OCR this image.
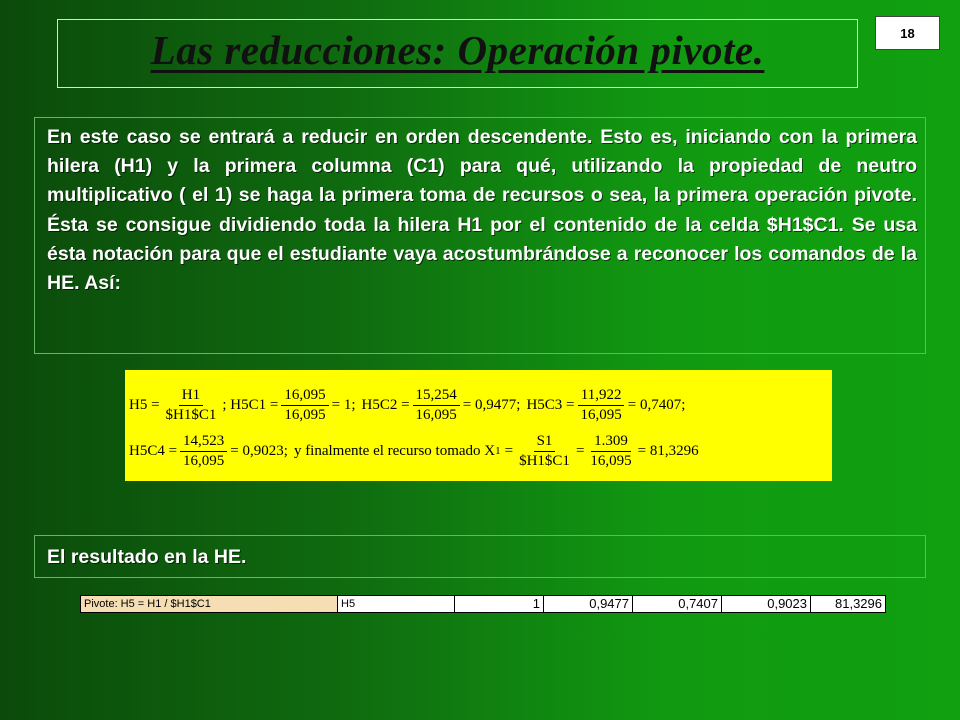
Las reducciones: Operación pivote.	18

En este caso se entrará a reducir en orden descendente. Esto es, iniciando con la primera hilera (H1) y la primera columna (C1) para qué, utilizando la propiedad de neutro multiplicativo ( el 1) se haga la primera toma de recursos o sea, la primera operación pivote. Ésta se consigue dividiendo toda la hilera H1 por el contenido de la celda $H1$C1. Se usa ésta notación para que el estudiante vaya acostumbrándose a reconocer los comandos de la HE. Así:

$H5 = \frac{H1}{\$H1\$C1}$ ; $H5C1 = \frac{16,095}{16,095} = 1$; $H5C2 = \frac{15,254}{16,095} = 0,9477$; $H5C3 = \frac{11,922}{16,095} = 0,7407$;
$H5C4 = \frac{14,523}{16,095} = 0,9023$; y finalmente el recurso tomado X $1 = \frac{S1}{\$H1\$C1} = \frac{1.309}{16,095} = 81,3296$
El resultado en la HE.
Pivote: H5 = H1 / $H1$C1	H5	1	0,9477	0,7407	0,9023	81,3296
